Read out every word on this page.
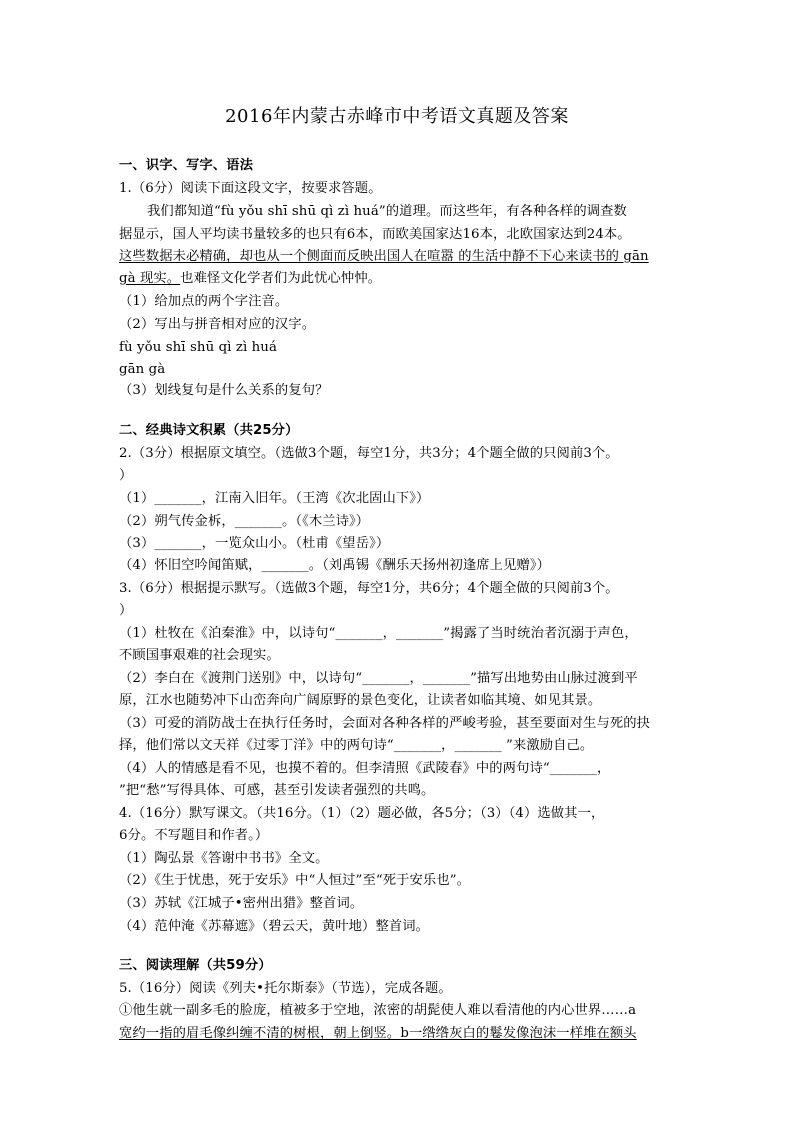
2016年内蒙古赤峰市中考语文真题及答案
一、识字、写字、语法
1.（6分）阅读下面这段文字，按要求答题。
我们都知道“fù yǒu shī shū qì zì huá”的道理。而这些年，有各种各样的调查数
据显示，国人平均读书量较多的也只有6本，而欧美国家达16本，北欧国家达到24本。
这些数据未必精确，却也从一个侧面而反映出国人在喧嚣 的生活中静不下心来读书的 gān
gà 现实。也难怪文化学者们为此忧心忡忡。
（1）给加点的两个字注音。
（2）写出与拼音相对应的汉字。
fù yǒu shī shū qì zì huá
gān gà
（3）划线复句是什么关系的复句？
二、经典诗文积累（共25分）
2.（3分）根据原文填空。（选做3个题，每空1分，共3分；4个题全做的只阅前3个。
）
（1）_______，江南入旧年。（王湾《次北固山下》）
（2）朔气传金柝，_______。（《木兰诗》）
（3）_______，一览众山小。（杜甫《望岳》）
（4）怀旧空吟闻笛赋，_______。（刘禹锡《酬乐天扬州初逢席上见赠》）
3.（6分）根据提示默写。（选做3个题，每空1分，共6分；4个题全做的只阅前3个。
）
（1）杜牧在《泊秦淮》中，以诗句“_______，_______”揭露了当时统治者沉溺于声色，
不顾国事艰难的社会现实。
（2）李白在《渡荆门送别》中，以诗句“_______，_______”描写出地势由山脉过渡到平
原，江水也随势冲下山峦奔向广阔原野的景色变化，让读者如临其境、如见其景。
（3）可爱的消防战士在执行任务时，会面对各种各样的严峻考验，甚至要面对生与死的抉
择，他们常以文天祥《过零丁洋》中的两句诗“_______，_______ ”来激励自己。
（4）人的情感是看不见，也摸不着的。但李清照《武陵春》中的两句诗“_______，
”把“愁”写得具体、可感，甚至引发读者强烈的共鸣。
4.（16分）默写课文。（共16分。（1）（2）题必做，各5分；（3）（4）选做其一，
6分。不写题目和作者。）
（1）陶弘景《答谢中书书》全文。
（2）《生于忧患，死于安乐》中“人恒过”至“死于安乐也”。
（3）苏轼《江城子•密州出猎》整首词。
（4）范仲淹《苏幕遮》（碧云天，黄叶地）整首词。
三、阅读理解（共59分）
5.（16分）阅读《列夫•托尔斯泰》（节选），完成各题。
①他生就一副多毛的脸庞，植被多于空地，浓密的胡髭使人难以看清他的内心世界……a
宽约一指的眉毛像纠缠不清的树根，朝上倒竖。b一绺绺灰白的鬈发像泡沫一样堆在额头
